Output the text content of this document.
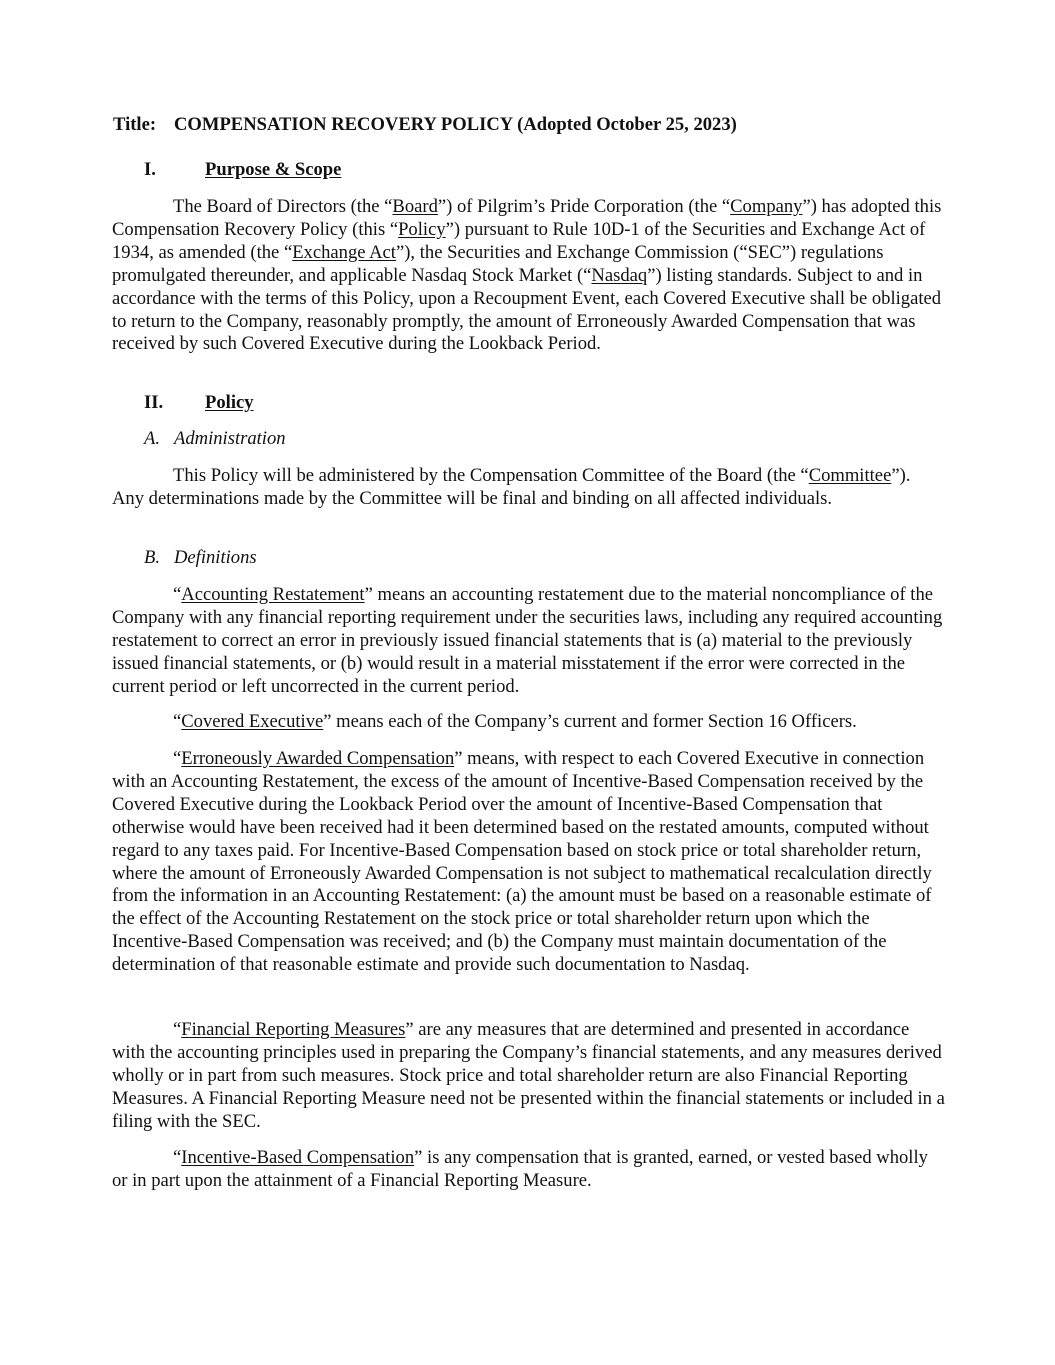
Title: COMPENSATION RECOVERY POLICY (Adopted October 25, 2023)
I.	Purpose & Scope

The Board of Directors (the “Board”) of Pilgrim’s Pride Corporation (the “Company”) has adopted this Compensation Recovery Policy (this “Policy”) pursuant to Rule 10D-1 of the Securities and Exchange Act of 1934, as amended (the “Exchange Act”), the Securities and Exchange Commission (“SEC”) regulations promulgated thereunder, and applicable Nasdaq Stock Market (“Nasdaq”) listing standards. Subject to and in accordance with the terms of this Policy, upon a Recoupment Event, each Covered Executive shall be obligated to return to the Company, reasonably promptly, the amount of Erroneously Awarded Compensation that was received by such Covered Executive during the Lookback Period.

II. Policy
A. Administration

This Policy will be administered by the Compensation Committee of the Board (the “Committee”). Any determinations made by the Committee will be final and binding on all affected individuals.

B. Definitions

“Accounting Restatement” means an accounting restatement due to the material noncompliance of the Company with any financial reporting requirement under the securities laws, including any required accounting restatement to correct an error in previously issued financial statements that is (a) material to the previously issued financial statements, or (b) would result in a material misstatement if the error were corrected in the current period or left uncorrected in the current period.

“Covered Executive” means each of the Company’s current and former Section 16 Officers.

“Erroneously Awarded Compensation” means, with respect to each Covered Executive in connection with an Accounting Restatement, the excess of the amount of Incentive-Based Compensation received by the Covered Executive during the Lookback Period over the amount of Incentive-Based Compensation that otherwise would have been received had it been determined based on the restated amounts, computed without regard to any taxes paid. For Incentive-Based Compensation based on stock price or total shareholder return, where the amount of Erroneously Awarded Compensation is not subject to mathematical recalculation directly from the information in an Accounting Restatement: (a) the amount must be based on a reasonable estimate of the effect of the Accounting Restatement on the stock price or total shareholder return upon which the Incentive-Based Compensation was received; and (b) the Company must maintain documentation of the determination of that reasonable estimate and provide such documentation to Nasdaq.

“Financial Reporting Measures” are any measures that are determined and presented in accordance with the accounting principles used in preparing the Company’s financial statements, and any measures derived wholly or in part from such measures. Stock price and total shareholder return are also Financial Reporting Measures. A Financial Reporting Measure need not be presented within the financial statements or included in a filing with the SEC.

“Incentive-Based Compensation” is any compensation that is granted, earned, or vested based wholly or in part upon the attainment of a Financial Reporting Measure.
